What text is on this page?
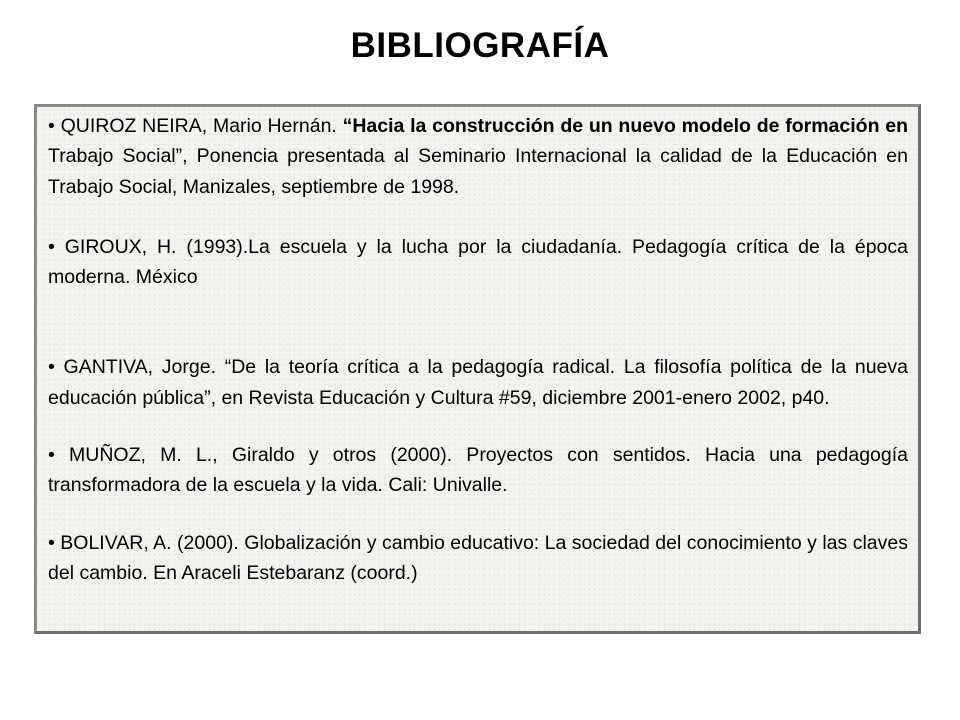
BIBLIOGRAFÍA
• QUIROZ NEIRA, Mario Hernán. “Hacia la construcción de un nuevo modelo de formación en Trabajo Social”, Ponencia presentada al Seminario Internacional la calidad de la Educación en Trabajo Social, Manizales, septiembre de 1998.
• GIROUX, H. (1993).La escuela y la lucha por la ciudadanía. Pedagogía crítica de la época moderna. México
• GANTIVA, Jorge. “De la teoría crítica a la pedagogía radical. La filosofía política de la nueva educación pública”, en Revista Educación y Cultura #59, diciembre 2001-enero 2002, p40.
• MUÑOZ, M. L., Giraldo y otros (2000). Proyectos con sentidos. Hacia una pedagogía transformadora de la escuela y la vida. Cali: Univalle.
• BOLIVAR, A. (2000). Globalización y cambio educativo: La sociedad del conocimiento y las claves del cambio. En Araceli Estebaranz (coord.)
